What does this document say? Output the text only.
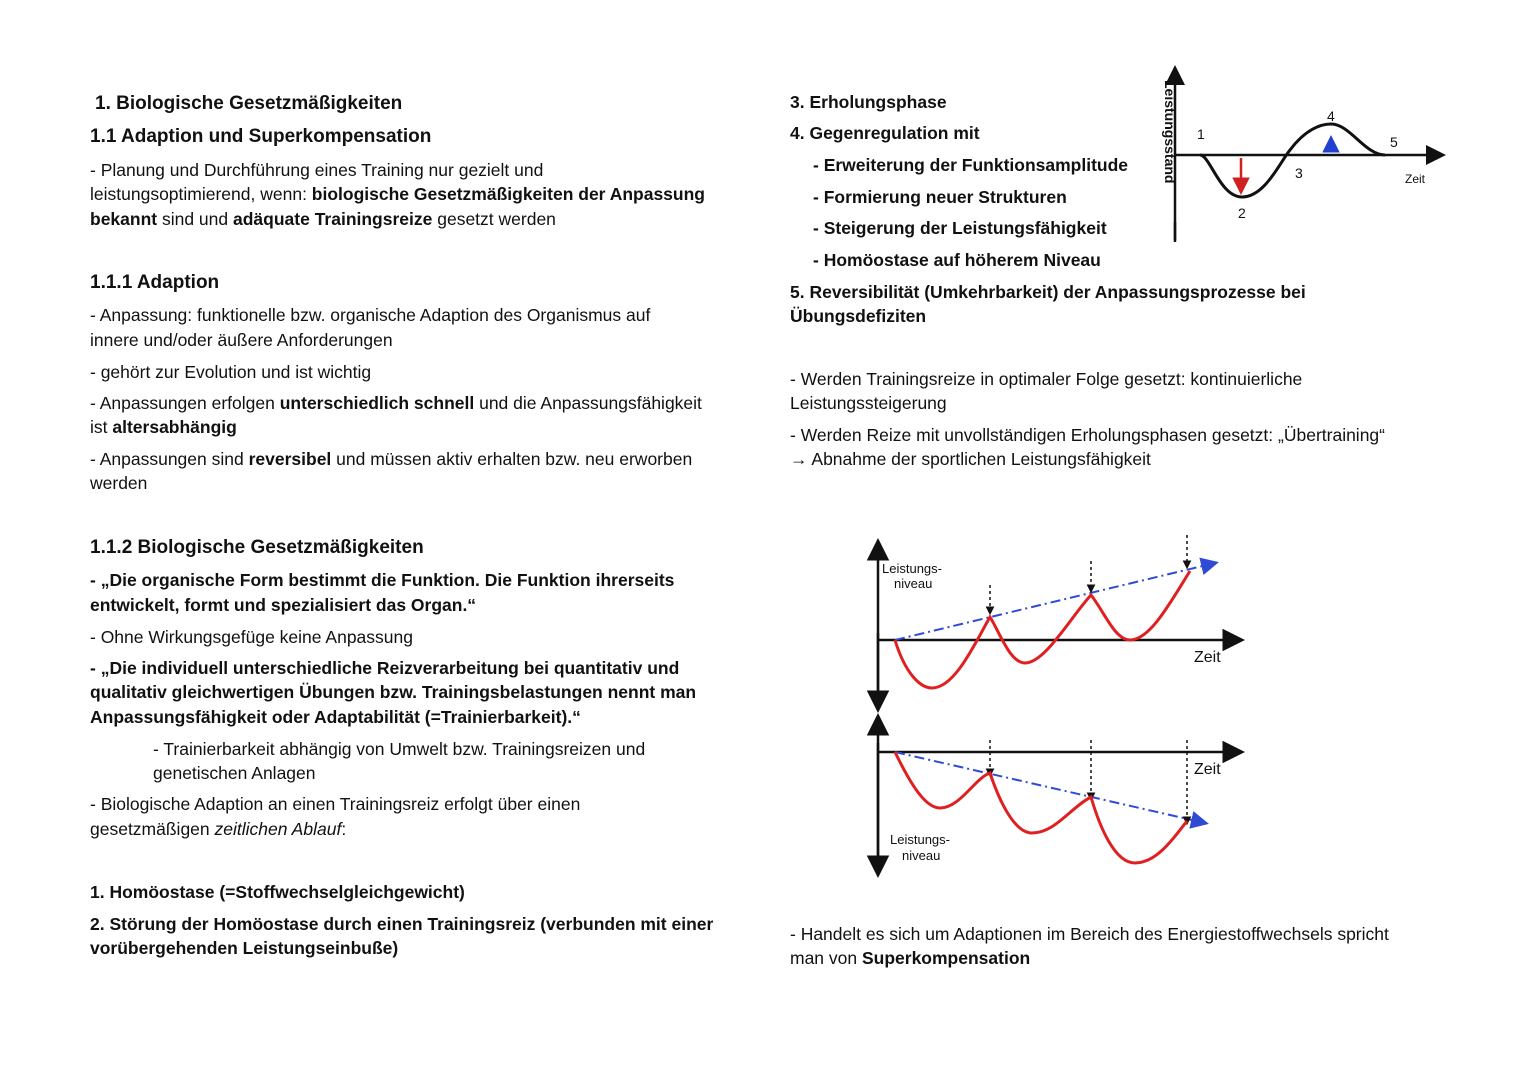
1. Biologische Gesetzmäßigkeiten
1.1 Adaption und Superkompensation
- Planung und Durchführung eines Training nur gezielt und
leistungsoptimierend, wenn: biologische Gesetzmäßigkeiten der Anpassung
bekannt sind und adäquate Trainingsreize gesetzt werden
1.1.1 Adaption
- Anpassung: funktionelle bzw. organische Adaption des Organismus auf
innere und/oder äußere Anforderungen
- gehört zur Evolution und ist wichtig
- Anpassungen erfolgen unterschiedlich schnell und die Anpassungsfähigkeit
ist altersabhängig
- Anpassungen sind reversibel und müssen aktiv erhalten bzw. neu erworben
werden
1.1.2 Biologische Gesetzmäßigkeiten
- „Die organische Form bestimmt die Funktion. Die Funktion ihrerseits
entwickelt, formt und spezialisiert das Organ.“
- Ohne Wirkungsgefüge keine Anpassung
- „Die individuell unterschiedliche Reizverarbeitung bei quantitativ und
qualitativ gleichwertigen Übungen bzw. Trainingsbelastungen nennt man
Anpassungsfähigkeit oder Adaptabilität (=Trainierbarkeit).“
- Trainierbarkeit abhängig von Umwelt bzw. Trainingsreizen und
genetischen Anlagen
- Biologische Adaption an einen Trainingsreiz erfolgt über einen
gesetzmäßigen zeitlichen Ablauf:
1. Homöostase (=Stoffwechselgleichgewicht)
2. Störung der Homöostase durch einen Trainingsreiz (verbunden mit einer
vorübergehenden Leistungseinbuße)
3. Erholungsphase
4. Gegenregulation mit
- Erweiterung der Funktionsamplitude
- Formierung neuer Strukturen
- Steigerung der Leistungsfähigkeit
- Homöostase auf höherem Niveau
5. Reversibilität (Umkehrbarkeit) der Anpassungsprozesse bei
Übungsdefiziten
- Werden Trainingsreize in optimaler Folge gesetzt: kontinuierliche
Leistungssteigerung
- Werden Reize mit unvollständigen Erholungsphasen gesetzt: „Übertraining“
→ Abnahme der sportlichen Leistungsfähigkeit
- Handelt es sich um Adaptionen im Bereich des Energiestoffwechsels spricht
man von Superkompensation
Leistungsstand 1
2
3
4
5
Zeit
Leistungs-
niveau
Zeit
Zeit
Leistungs-
niveau
